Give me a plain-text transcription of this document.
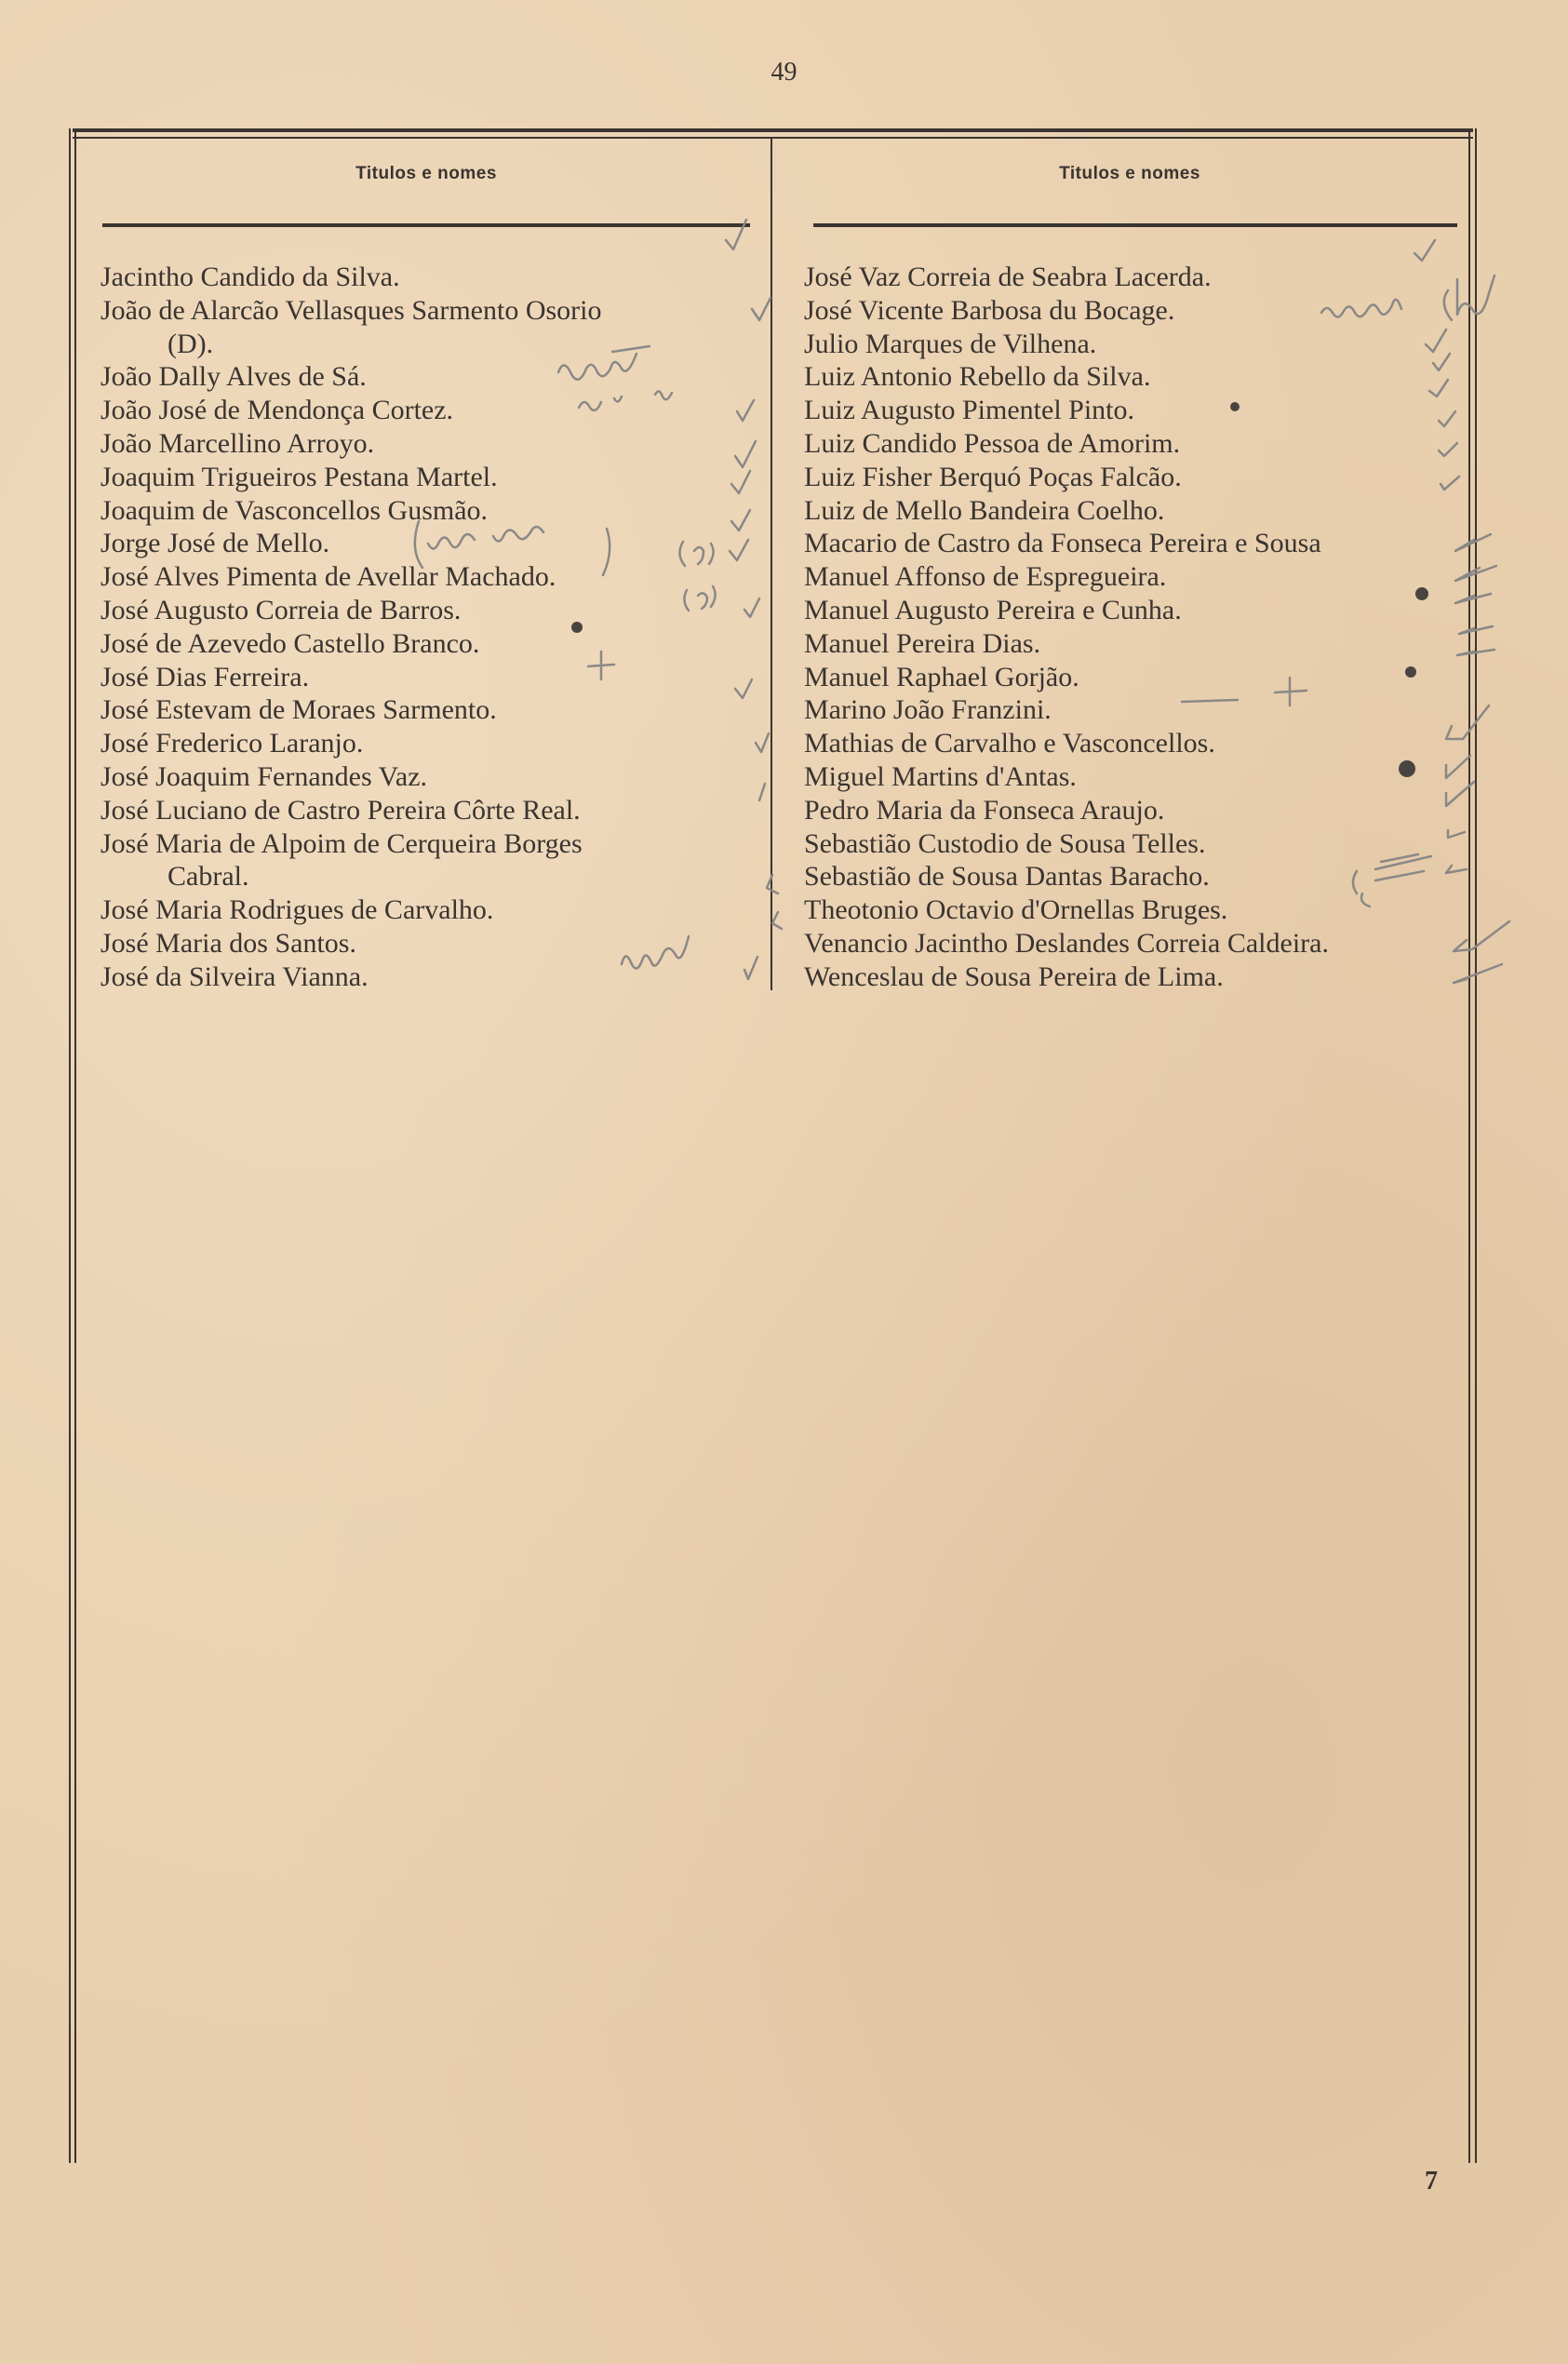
49
Titulos e nomes	Titulos e nomes
Jacintho Candido da Silva.
João de Alarcão Vellasques Sarmento Osorio
(D).
João Dally Alves de Sá.
João José de Mendonça Cortez.
João Marcellino Arroyo.
Joaquim Trigueiros Pestana Martel.
Joaquim de Vasconcellos Gusmão.
Jorge José de Mello.
José Alves Pimenta de Avellar Machado.
José Augusto Correia de Barros.
José de Azevedo Castello Branco.
José Dias Ferreira.
José Estevam de Moraes Sarmento.
José Frederico Laranjo.
José Joaquim Fernandes Vaz.
José Luciano de Castro Pereira Côrte Real.
José Maria de Alpoim de Cerqueira Borges
Cabral.
José Maria Rodrigues de Carvalho.
José Maria dos Santos.
José da Silveira Vianna.
José Vaz Correia de Seabra Lacerda.
José Vicente Barbosa du Bocage.
Julio Marques de Vilhena.
Luiz Antonio Rebello da Silva.
Luiz Augusto Pimentel Pinto.
Luiz Candido Pessoa de Amorim.
Luiz Fisher Berquó Poças Falcão.
Luiz de Mello Bandeira Coelho.
Macario de Castro da Fonseca Pereira e Sousa
Manuel Affonso de Espregueira.
Manuel Augusto Pereira e Cunha.
Manuel Pereira Dias.
Manuel Raphael Gorjão.
Marino João Franzini.
Mathias de Carvalho e Vasconcellos.
Miguel Martins d'Antas.
Pedro Maria da Fonseca Araujo.
Sebastião Custodio de Sousa Telles.
Sebastião de Sousa Dantas Baracho.
Theotonio Octavio d'Ornellas Bruges.
Venancio Jacintho Deslandes Correia Caldeira.
Wenceslau de Sousa Pereira de Lima.
7
